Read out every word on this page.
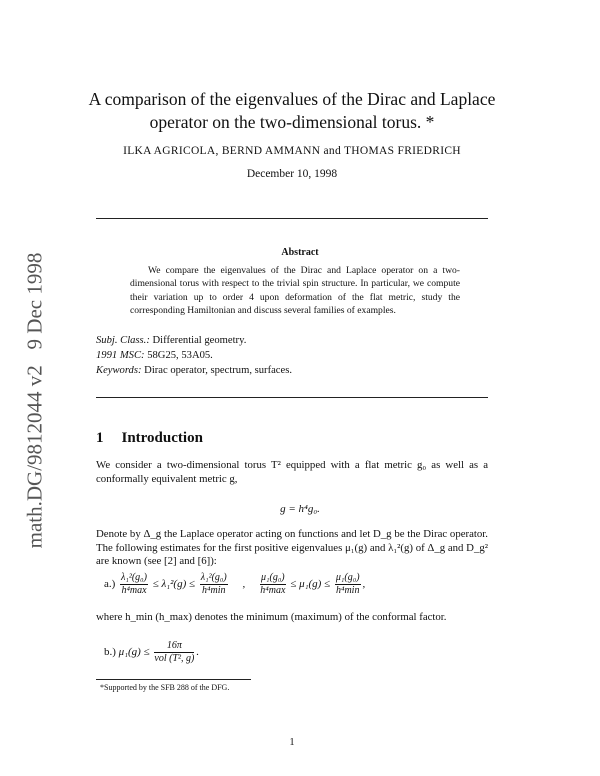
math.DG/9812044 v2   9 Dec 1998
A comparison of the eigenvalues of the Dirac and Laplace
operator on the two-dimensional torus. *
ILKA AGRICOLA, BERND AMMANN and THOMAS FRIEDRICH
December 10, 1998
Abstract
We compare the eigenvalues of the Dirac and Laplace operator on a two-dimensional torus with respect to the trivial spin structure. In particular, we compute their variation up to order 4 upon deformation of the flat metric, study the corresponding Hamiltonian and discuss several families of examples.
Subj. Class.: Differential geometry.
1991 MSC: 58G25, 53A05.
Keywords: Dirac operator, spectrum, surfaces.
1 Introduction
We consider a two-dimensional torus T² equipped with a flat metric g₀ as well as a conformally equivalent metric g,
g = h⁴g₀.
Denote by Δ_g the Laplace operator acting on functions and let D_g be the Dirac operator. The following estimates for the first positive eigenvalues μ₁(g) and λ₁²(g) of Δ_g and D_g² are known (see [2] and [6]):
$a.) \frac{\text{λ₁²(g₀)}}{\text{h⁴max}} \le \lambda_1^2(g) \le \frac{\text{λ₁²(g₀)}}{\text{h⁴min}}$ , $\frac{\text{μ₁(g₀)}}{\text{h⁴max}} \le \mu_1(g) \le \frac{\text{μ₁(g₀)}}{\text{h⁴min}}$ ,
where h_min (h_max) denotes the minimum (maximum) of the conformal factor.
b.) $\mu_1(g) \le \frac{16\pi}{\text{vol (T², g)}}$ .
*Supported by the SFB 288 of the DFG.
1
